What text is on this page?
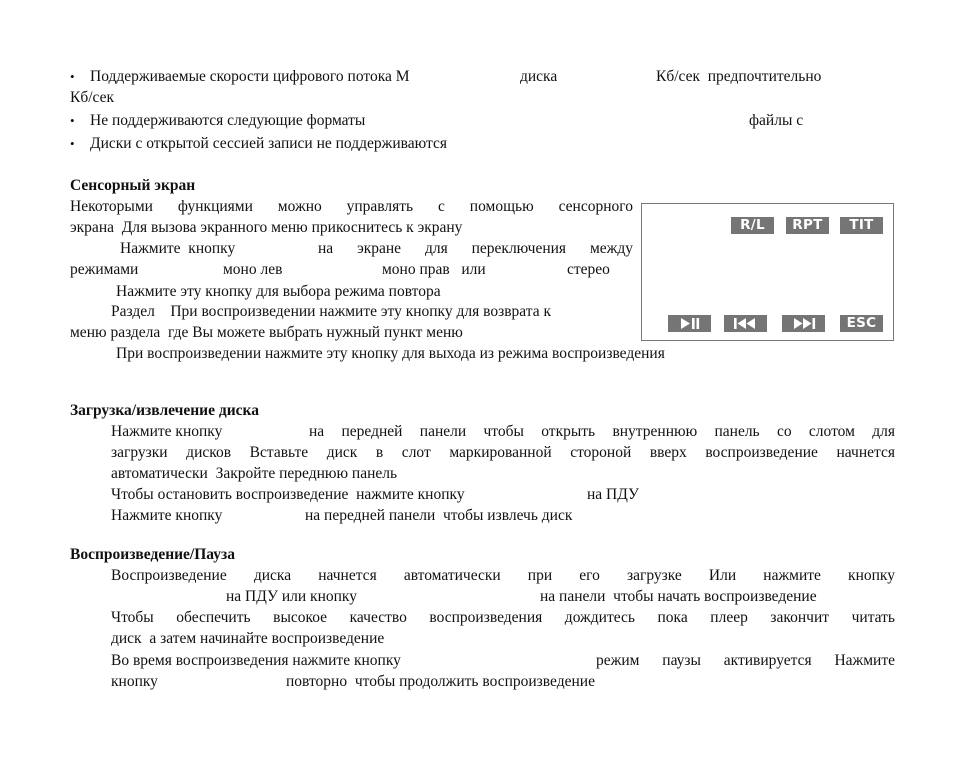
• Поддерживаемые скорости цифрового потока М	диска	Кб/сек  предпочтительно
Кб/сек
• Не поддерживаются следующие форматы	файлы с
• Диски с открытой сессией записи не поддерживаются
Сенсорный экран
Некоторыми функциями можно управлять с помощью сенсорного
экрана  Для вызова экранного меню прикоснитесь к экрану
Нажмите  кнопку	на экране для переключения между
режимами	моно лев	моно прав   или	стерео
Нажмите эту кнопку для выбора режима повтора
Раздел    При воспроизведении нажмите эту кнопку для возврата к
меню раздела  где Вы можете выбрать нужный пункт меню
При воспроизведении нажмите эту кнопку для выхода из режима воспроизведения
R/L	RPT	TIT
ESC
Загрузка/извлечение диска
Нажмите кнопку	на передней панели чтобы открыть внутреннюю панель со слотом для
загрузки дисков Вставьте диск в слот маркированной стороной вверх воспроизведение начнется
автоматически  Закройте переднюю панель
Чтобы остановить воспроизведение  нажмите кнопку	на ПДУ
Нажмите кнопку	на передней панели  чтобы извлечь диск
Воспроизведение/Пауза
Воспроизведение диска начнется автоматически при его загрузке Или нажмите кнопку
на ПДУ или кнопку	на панели  чтобы начать воспроизведение
Чтобы обеспечить высокое качество воспроизведения дождитесь пока плеер закончит читать
диск  а затем начинайте воспроизведение
Во время воспроизведения нажмите кнопку	режим паузы активируется Нажмите
кнопку	повторно  чтобы продолжить воспроизведение
